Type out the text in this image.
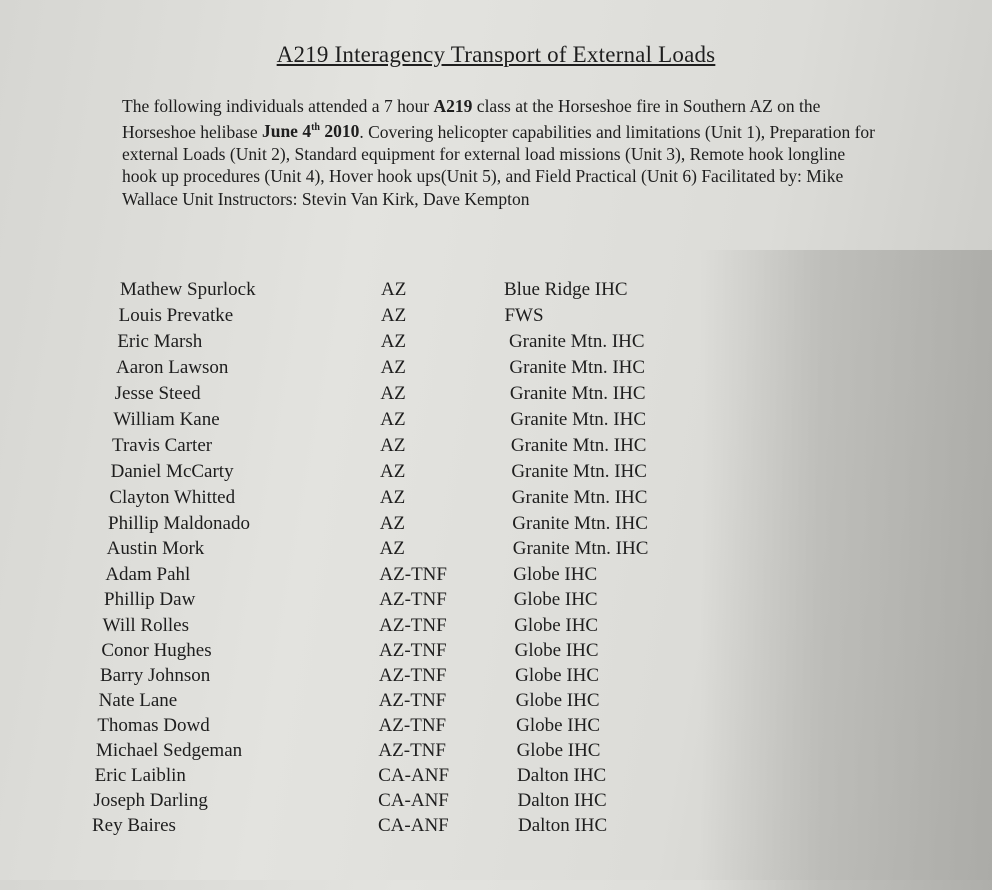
A219 Interagency Transport of External Loads
The following individuals attended a 7 hour A219 class at the Horseshoe fire in Southern AZ on the Horseshoe helibase June 4th 2010. Covering helicopter capabilities and limitations (Unit 1), Preparation for external Loads (Unit 2), Standard equipment for external load missions (Unit 3), Remote hook longline hook up procedures (Unit 4), Hover hook ups(Unit 5), and Field Practical (Unit 6) Facilitated by: Mike Wallace Unit Instructors: Stevin Van Kirk, Dave Kempton
Mathew Spurlock	AZ	Blue Ridge IHC
Louis Prevatke	AZ	FWS
Eric Marsh	AZ	Granite Mtn. IHC
Aaron Lawson	AZ	Granite Mtn. IHC
Jesse Steed	AZ	Granite Mtn. IHC
William Kane	AZ	Granite Mtn. IHC
Travis Carter	AZ	Granite Mtn. IHC
Daniel McCarty	AZ	Granite Mtn. IHC
Clayton Whitted	AZ	Granite Mtn. IHC
Phillip Maldonado	AZ	Granite Mtn. IHC
Austin Mork	AZ	Granite Mtn. IHC
Adam Pahl	AZ-TNF	Globe IHC
Phillip Daw	AZ-TNF	Globe IHC
Will Rolles	AZ-TNF	Globe IHC
Conor Hughes	AZ-TNF	Globe IHC
Barry Johnson	AZ-TNF	Globe IHC
Nate Lane	AZ-TNF	Globe IHC
Thomas Dowd	AZ-TNF	Globe IHC
Michael Sedgeman	AZ-TNF	Globe IHC
Eric Laiblin	CA-ANF	Dalton IHC
Joseph Darling	CA-ANF	Dalton IHC
Rey Baires	CA-ANF	Dalton IHC
